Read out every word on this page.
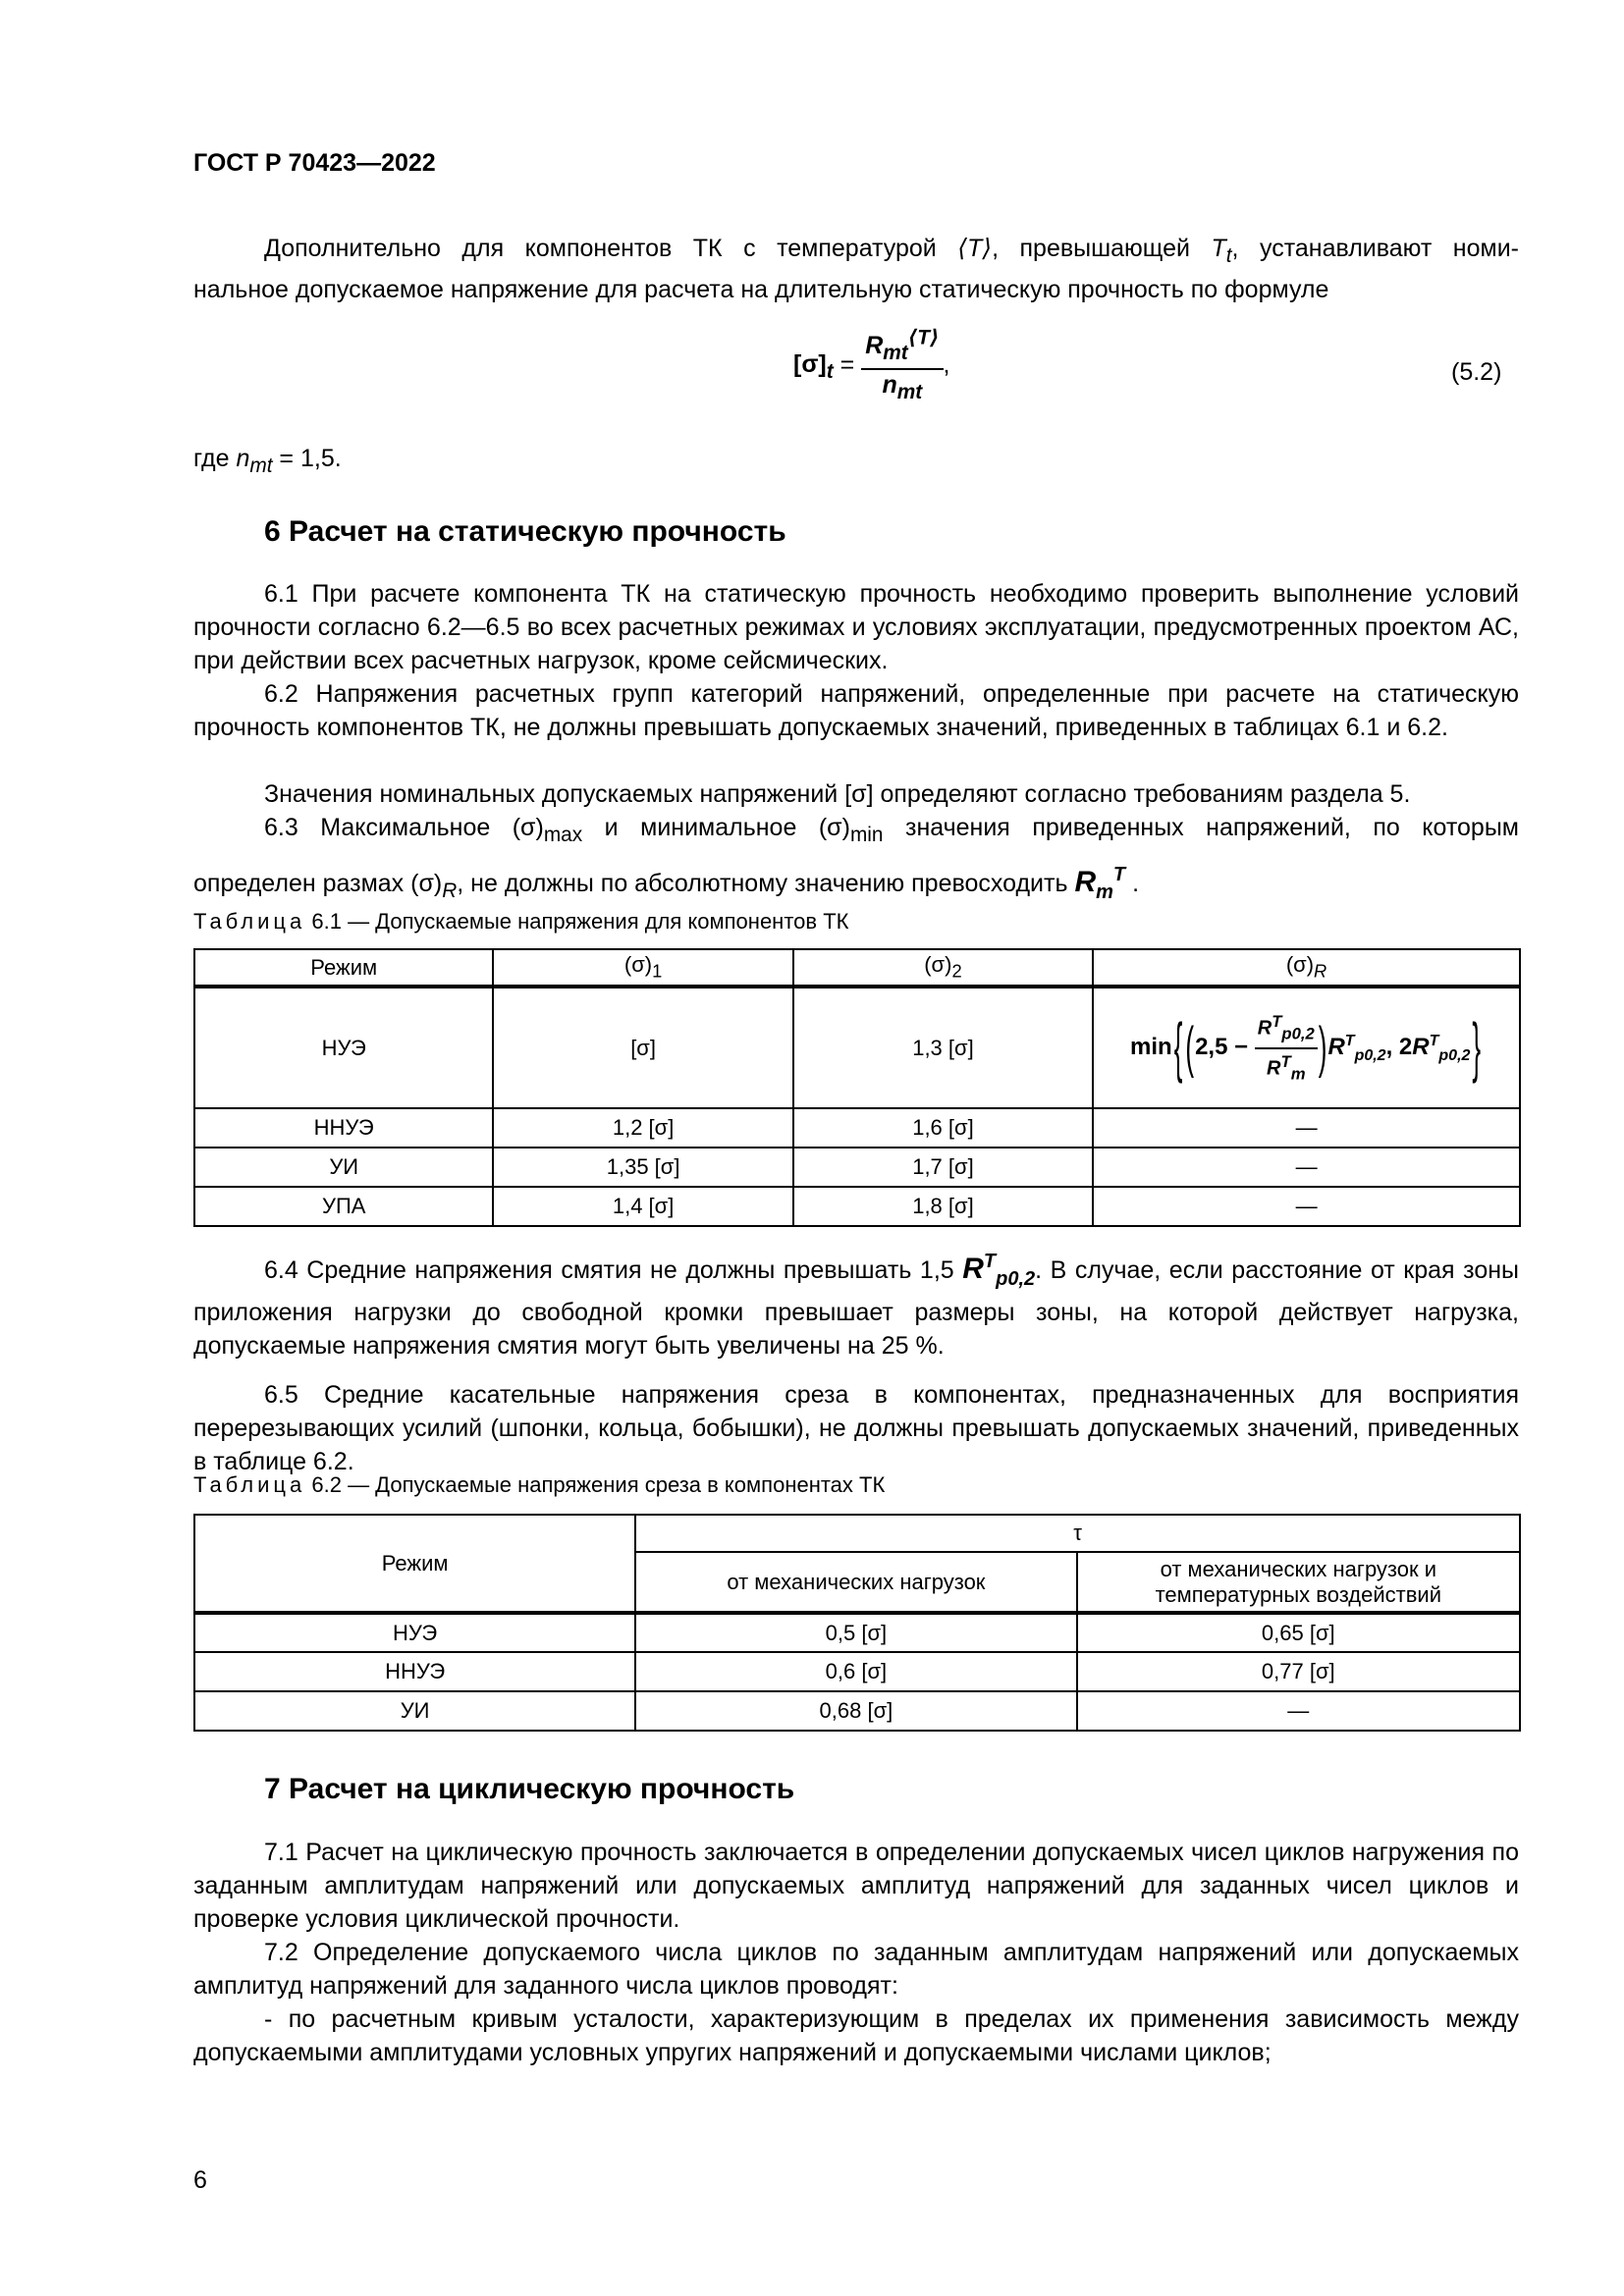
ГОСТ Р 70423—2022
Дополнительно для компонентов ТК с температурой ⟨T⟩, превышающей $T_t$, устанавливают номи-
нальное допускаемое напряжение для расчета на длительную статическую прочность по формуле
$[\sigma]_t = \frac{R_{mt}^{⟨T⟩}}{n_{mt}}$ ,	(5.2)
где $n_{mt} = 1,5$.
6 Расчет на статическую прочность
6.1 При расчете компонента ТК на статическую прочность необходимо проверить выполнение условий прочности согласно 6.2—6.5 во всех расчетных режимах и условиях эксплуатации, предусмотренных проектом АС, при действии всех расчетных нагрузок, кроме сейсмических.
6.2 Напряжения расчетных групп категорий напряжений, определенные при расчете на статическую прочность компонентов ТК, не должны превышать допускаемых значений, приведенных в таблицах 6.1 и 6.2.
Значения номинальных допускаемых напряжений [σ] определяют согласно требованиям раздела 5.
6.3 Максимальное $(\sigma)_{max}$ и минимальное $(\sigma)_{min}$ значения приведенных напряжений, по которым
определен размах $(\sigma)_R$, не должны по абсолютному значению превосходить $R_m^T$ .
Таблица 6.1 — Допускаемые напряжения для компонентов ТК
Режим	$(\sigma)_1$	$(\sigma)_2$	$(\sigma)_R$
НУЭ	[σ]	1,3 [σ]	min{ (2,5 −
$R^T_{p0,2}$
$R^T_m$ )$R^T_{p0,2}$, $2R^T_{p0,2}$}
ННУЭ	1,2 [σ]	1,6 [σ]	—
УИ	1,35 [σ]	1,7 [σ]	—
УПА	1,4 [σ]	1,8 [σ]	—
6.4 Средние напряжения смятия не должны превышать 1,5 $R^T_{p0,2}$. В случае, если расстояние от края зоны приложения нагрузки до свободной кромки превышает размеры зоны, на которой действует нагрузка, допускаемые напряжения смятия могут быть увеличены на 25 %.
6.5 Средние касательные напряжения среза в компонентах, предназначенных для восприятия перерезывающих усилий (шпонки, кольца, бобышки), не должны превышать допускаемых значений, приведенных в таблице 6.2.
Таблица 6.2 — Допускаемые напряжения среза в компонентах ТК
Режим	τ	
	от механических нагрузок	от механических нагрузок и
температурных воздействий

НУЭ	0,5 [σ]	0,65 [σ]
ННУЭ	0,6 [σ]	0,77 [σ]
УИ	0,68 [σ]	—
7 Расчет на циклическую прочность
7.1 Расчет на циклическую прочность заключается в определении допускаемых чисел циклов нагружения по заданным амплитудам напряжений или допускаемых амплитуд напряжений для заданных чисел циклов и проверке условия циклической прочности.
7.2 Определение допускаемого числа циклов по заданным амплитудам напряжений или допускаемых амплитуд напряжений для заданного числа циклов проводят:
- по расчетным кривым усталости, характеризующим в пределах их применения зависимость между допускаемыми амплитудами условных упругих напряжений и допускаемыми числами циклов;
6
